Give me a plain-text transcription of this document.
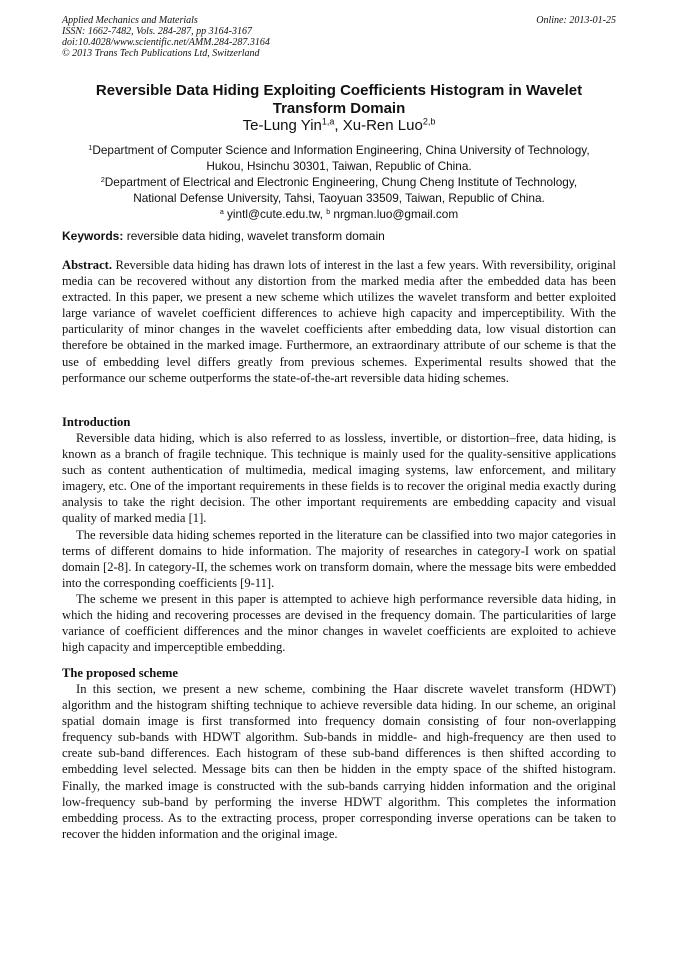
Applied Mechanics and Materials
ISSN: 1662-7482, Vols. 284-287, pp 3164-3167
doi:10.4028/www.scientific.net/AMM.284-287.3164
© 2013 Trans Tech Publications Ltd, Switzerland
Online: 2013-01-25
Reversible Data Hiding Exploiting Coefficients Histogram in Wavelet Transform Domain
Te-Lung Yin$^{1,a}$, Xu-Ren Luo$^{2,b}$
$^1$Department of Computer Science and Information Engineering, China University of Technology,
Hukou, Hsinchu 30301, Taiwan, Republic of China.
$^2$Department of Electrical and Electronic Engineering, Chung Cheng Institute of Technology,
National Defense University, Tahsi, Taoyuan 33509, Taiwan, Republic of China.
$^a$ yintl@cute.edu.tw, $^b$ nrgman.luo@gmail.com
Keywords: reversible data hiding, wavelet transform domain
Abstract. Reversible data hiding has drawn lots of interest in the last a few years. With reversibility, original media can be recovered without any distortion from the marked media after the embedded data has been extracted. In this paper, we present a new scheme which utilizes the wavelet transform and better exploited large variance of wavelet coefficient differences to achieve high capacity and imperceptibility. With the particularity of minor changes in the wavelet coefficients after embedding data, low visual distortion can therefore be obtained in the marked image. Furthermore, an extraordinary attribute of our scheme is that the use of embedding level differs greatly from previous schemes. Experimental results showed that the performance our scheme outperforms the state-of-the-art reversible data hiding schemes.
Introduction

Reversible data hiding, which is also referred to as lossless, invertible, or distortion–free, data hiding, is known as a branch of fragile technique. This technique is mainly used for the quality-sensitive applications such as content authentication of multimedia, medical imaging systems, law enforcement, and military imagery, etc. One of the important requirements in these fields is to recover the original media exactly during analysis to take the right decision. The other important requirements are embedding capacity and visual quality of marked media [1].

The reversible data hiding schemes reported in the literature can be classified into two major categories in terms of different domains to hide information. The majority of researches in category-I work on spatial domain [2-8]. In category-II, the schemes work on transform domain, where the message bits were embedded into the corresponding coefficients [9-11].

The scheme we present in this paper is attempted to achieve high performance reversible data hiding, in which the hiding and recovering processes are devised in the frequency domain. The particularities of large variance of coefficient differences and the minor changes in wavelet coefficients are exploited to achieve high capacity and imperceptible embedding.

The proposed scheme

In this section, we present a new scheme, combining the Haar discrete wavelet transform (HDWT) algorithm and the histogram shifting technique to achieve reversible data hiding. In our scheme, an original spatial domain image is first transformed into frequency domain consisting of four non-overlapping frequency sub-bands with HDWT algorithm. Sub-bands in middle- and high-frequency are then used to create sub-band differences. Each histogram of these sub-band differences is then shifted according to embedding level selected. Message bits can then be hidden in the empty space of the shifted histogram. Finally, the marked image is constructed with the sub-bands carrying hidden information and the original low-frequency sub-band by performing the inverse HDWT algorithm. This completes the information embedding process. As to the extracting process, proper corresponding inverse operations can be taken to recover the hidden information and the original image.
